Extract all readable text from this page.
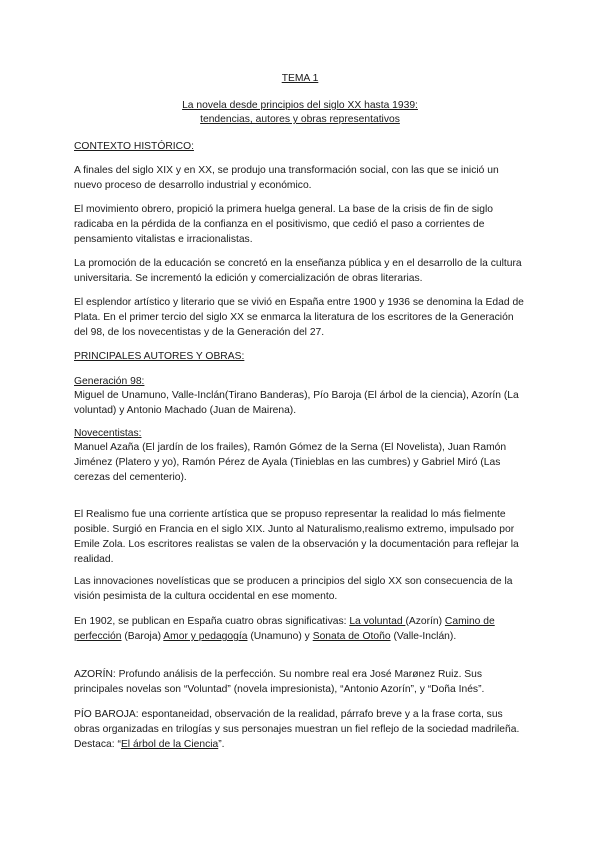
TEMA 1

La novela desde principios del siglo XX hasta 1939:

tendencias, autores y obras representativos

CONTEXTO HISTÓRICO:

A finales del siglo XIX y en XX, se produjo una transformación social, con las que se inició un nuevo proceso de desarrollo industrial y económico.

El movimiento obrero, propició la primera huelga general. La base de la crisis de fin de siglo radicaba en la pérdida de la confianza en el positivismo, que cedió el paso a corrientes de pensamiento vitalistas e irracionalistas.

La promoción de la educación se concretó en la enseñanza pública y en el desarrollo de la cultura universitaria. Se incrementó la edición y comercialización de obras literarias.

El esplendor artístico y literario que se vivió en España entre 1900 y 1936 se denomina la Edad de Plata. En el primer tercio del siglo XX se enmarca la literatura de los escritores de la Generación del 98, de los novecentistas y de la Generación del 27.

PRINCIPALES AUTORES Y OBRAS:

Generación 98:

Miguel de Unamuno, Valle-Inclán(Tirano Banderas), Pío Baroja (El árbol de la ciencia), Azorín (La voluntad) y Antonio Machado (Juan de Mairena).

Novecentistas:

Manuel Azaña (El jardín de los frailes), Ramón Gómez de la Serna (El Novelista), Juan Ramón Jiménez (Platero y yo), Ramón Pérez de Ayala (Tinieblas en las cumbres) y Gabriel Miró (Las cerezas del cementerio).

El Realismo fue una corriente artística que se propuso representar la realidad lo más fielmente posible. Surgió en Francia en el siglo XIX. Junto al Naturalismo,realismo extremo, impulsado por Emile Zola. Los escritores realistas se valen de la observación y la documentación para reflejar la realidad.

Las innovaciones novelísticas que se producen a principios del siglo XX son consecuencia de la visión pesimista de la cultura occidental en ese momento.

En 1902, se publican en España cuatro obras significativas: La voluntad (Azorín) Camino de perfección (Baroja) Amor y pedagogía (Unamuno) y Sonata de Otoño (Valle-Inclán).

AZORÍN: Profundo análisis de la perfección. Su nombre real era José Marønez Ruiz. Sus principales novelas son “Voluntad” (novela impresionista), “Antonio Azorín”, y “Doña Inés”.

PÍO BAROJA: espontaneidad, observación de la realidad, párrafo breve y a la frase corta, sus obras organizadas en trilogías y sus personajes muestran un fiel reflejo de la sociedad madrileña. Destaca: “El árbol de la Ciencia”.
